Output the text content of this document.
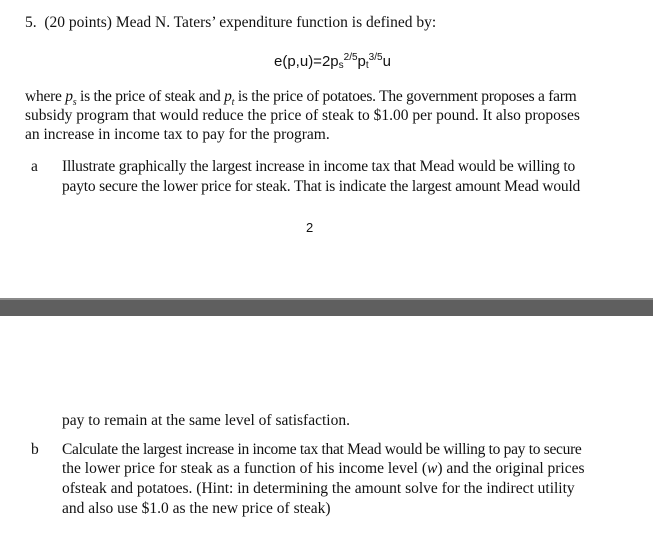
5. (20 points) Mead N. Taters’ expenditure function is defined by:
$e(p,u)=2p_s^{2/5}p_t^{3/5}u$
where $p_s$ is the price of steak and $p_t$ is the price of potatoes. The government proposes a farm
subsidy program that would reduce the price of steak to $1.00 per pound. It also proposes
an increase in income tax to pay for the program.
a Illustrate graphically the largest increase in income tax that Mead would be willing to
payto secure the lower price for steak. That is indicate the largest amount Mead would
2
pay to remain at the same level of satisfaction.
b Calculate the largest increase in income tax that Mead would be willing to pay to secure
the lower price for steak as a function of his income level (w) and the original prices
ofsteak and potatoes. (Hint: in determining the amount solve for the indirect utility
and also use $1.0 as the new price of steak)
